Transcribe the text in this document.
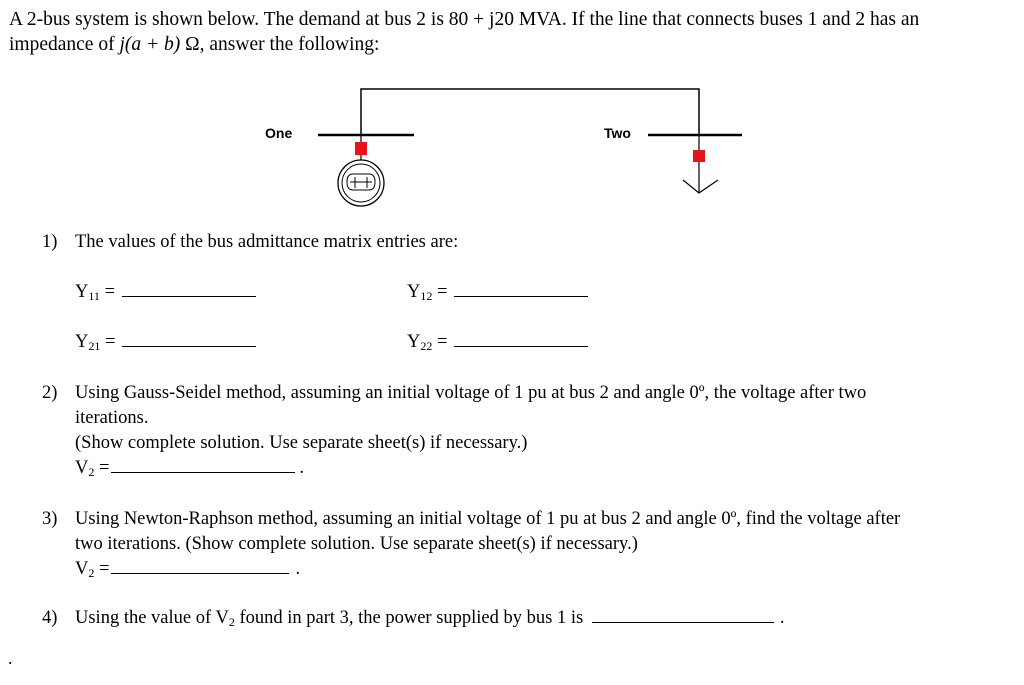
A 2-bus system is shown below. The demand at bus 2 is 80 + j20 MVA. If the line that connects buses 1 and 2 has an
impedance of j(a + b) Ω, answer the following:
One	Two
1) The values of the bus admittance matrix entries are:
$Y_{11}$ =	$Y_{12}$ =
$Y_{21}$ =	$Y_{22}$ =
2) Using Gauss-Seidel method, assuming an initial voltage of 1 pu at bus 2 and angle 0º, the voltage after two
iterations.
(Show complete solution. Use separate sheet(s) if necessary.)
$V_2$ =	.
3) Using Newton-Raphson method, assuming an initial voltage of 1 pu at bus 2 and angle 0º, find the voltage after
two iterations. (Show complete solution. Use separate sheet(s) if necessary.)
$V_2$ =	.
4) Using the value of $V_2$ found in part 3, the power supplied by bus 1 is	.
.
